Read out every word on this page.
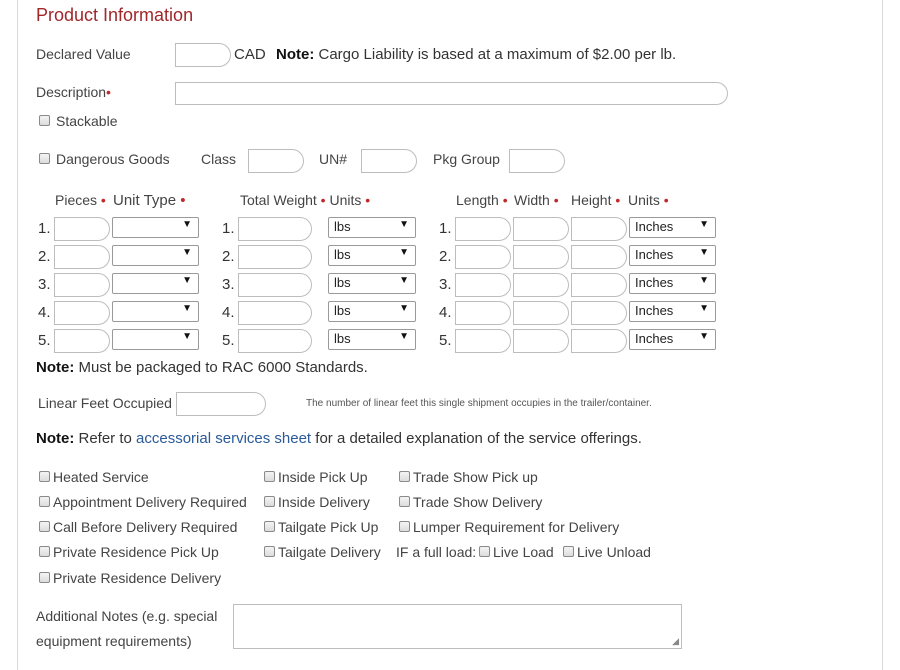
Product Information
Declared Value	CAD Note: Cargo Liability is based at a maximum of $2.00 per lb.
Description•
Stackable
Dangerous Goods Class	UN#	Pkg Group
Pieces • Unit Type •	Total Weight • Units •	Length • Width • Height • Units •
1.	▼ 1.	lbs	▼ 1.	Inches	▼
2.	▼ 2.	lbs	▼ 2.	Inches	▼
3.	▼ 3.	lbs	▼ 3.	Inches	▼
4.	▼ 4.	lbs	▼ 4.	Inches	▼
5.	▼ 5.	lbs	▼ 5.	Inches	▼
Note: Must be packaged to RAC 6000 Standards.
Linear Feet Occupied	The number of linear feet this single shipment occupies in the trailer/container.
Note: Refer to accessorial services sheet for a detailed explanation of the service offerings.
Heated Service
Appointment Delivery Required
Call Before Delivery Required
Private Residence Pick Up
Private Residence Delivery
Inside Pick Up
Inside Delivery
Tailgate Pick Up
Tailgate Delivery
Trade Show Pick up
Trade Show Delivery
Lumper Requirement for Delivery
IF a full load: Live Load Live Unload
Additional Notes (e.g. special
equipment requirements)	◢
